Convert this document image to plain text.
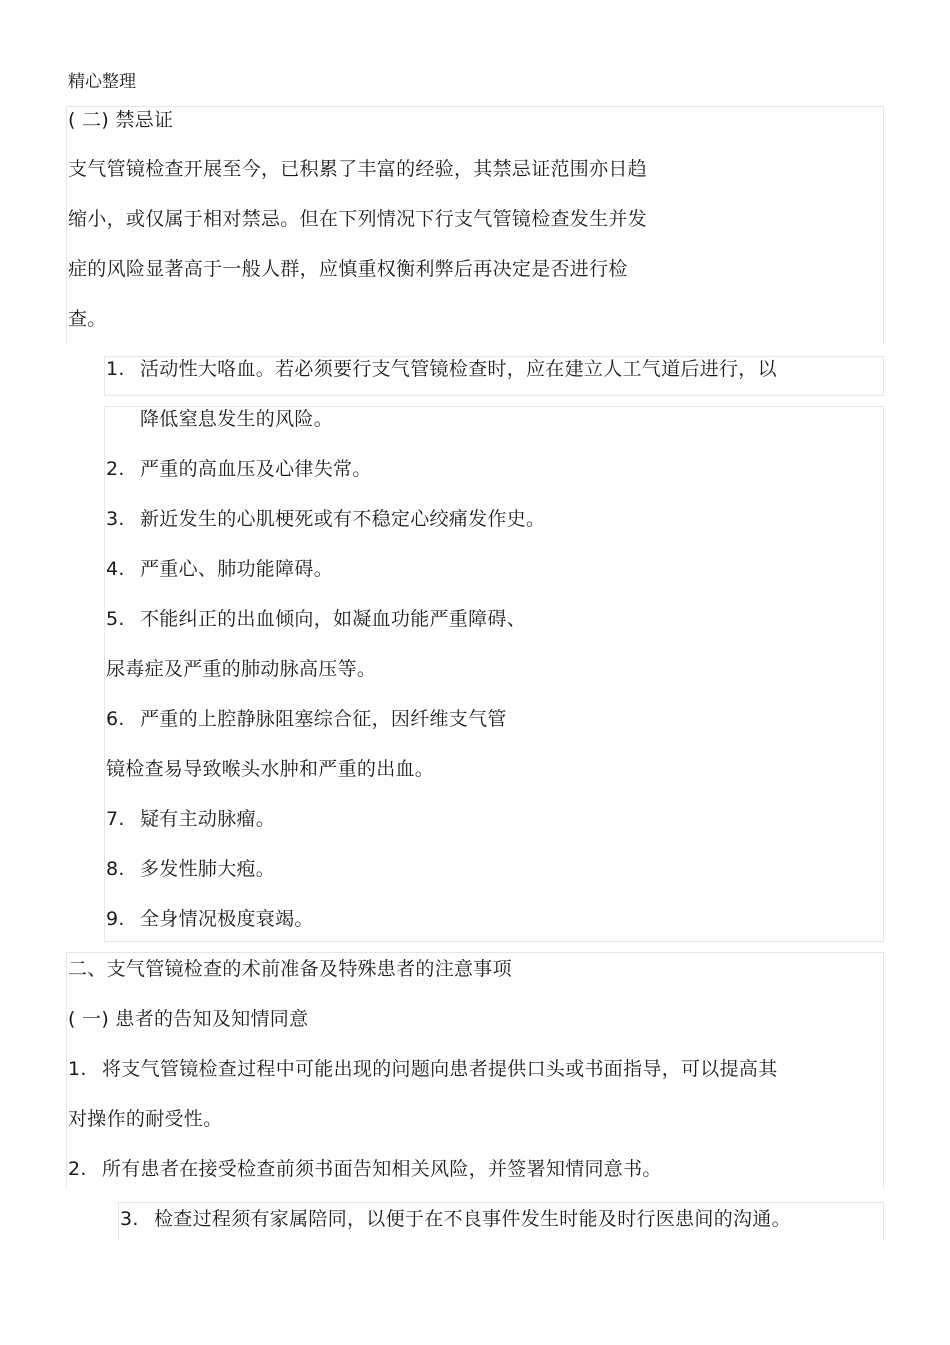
精心整理
( 二) 禁忌证
支气管镜检查开展至今，已积累了丰富的经验，其禁忌证范围亦日趋
缩小，或仅属于相对禁忌。但在下列情况下行支气管镜检查发生并发
症的风险显著高于一般人群，应慎重权衡利弊后再决定是否进行检
查。
1. 活动性大咯血。若必须要行支气管镜检查时，应在建立人工气道后进行，以
降低窒息发生的风险。
2. 严重的高血压及心律失常。
3. 新近发生的心肌梗死或有不稳定心绞痛发作史。
4. 严重心、肺功能障碍。
5. 不能纠正的出血倾向，如凝血功能严重障碍、
尿毒症及严重的肺动脉高压等。
6. 严重的上腔静脉阻塞综合征，因纤维支气管
镜检查易导致喉头水肿和严重的出血。
7. 疑有主动脉瘤。
8. 多发性肺大疱。
9. 全身情况极度衰竭。
二、支气管镜检查的术前准备及特殊患者的注意事项
( 一) 患者的告知及知情同意
1. 将支气管镜检查过程中可能出现的问题向患者提供口头或书面指导，可以提高其
对操作的耐受性。
2. 所有患者在接受检查前须书面告知相关风险，并签署知情同意书。
3. 检查过程须有家属陪同，以便于在不良事件发生时能及时行医患间的沟通。
